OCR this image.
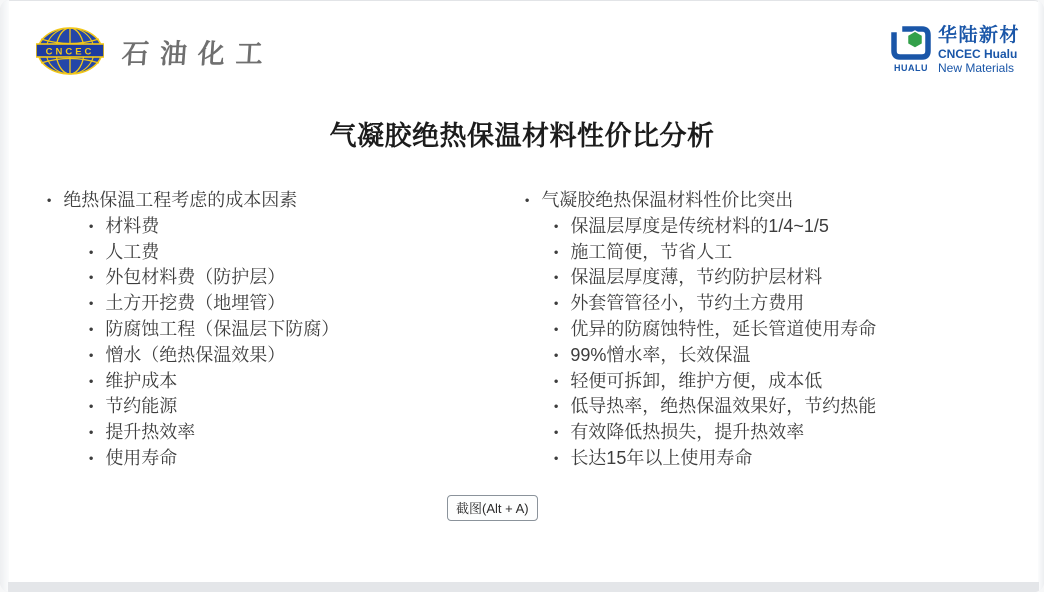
CNCEC 石油化工	HUALU
华陆新材
CNCEC Hualu
New Materials
气凝胶绝热保温材料性价比分析
• 绝热保温工程考虑的成本因素
• 材料费
• 人工费
• 外包材料费（防护层）
• 土方开挖费（地埋管）
• 防腐蚀工程（保温层下防腐）
• 憎水（绝热保温效果）
• 维护成本
• 节约能源
• 提升热效率
• 使用寿命
• 气凝胶绝热保温材料性价比突出
• 保温层厚度是传统材料的1/4~1/5
• 施工简便，节省人工
• 保温层厚度薄，节约防护层材料
• 外套管管径小，节约土方费用
• 优异的防腐蚀特性，延长管道使用寿命
• 99%憎水率，长效保温
• 轻便可拆卸，维护方便，成本低
• 低导热率，绝热保温效果好，节约热能
• 有效降低热损失，提升热效率
• 长达15年以上使用寿命
截图(Alt + A)
